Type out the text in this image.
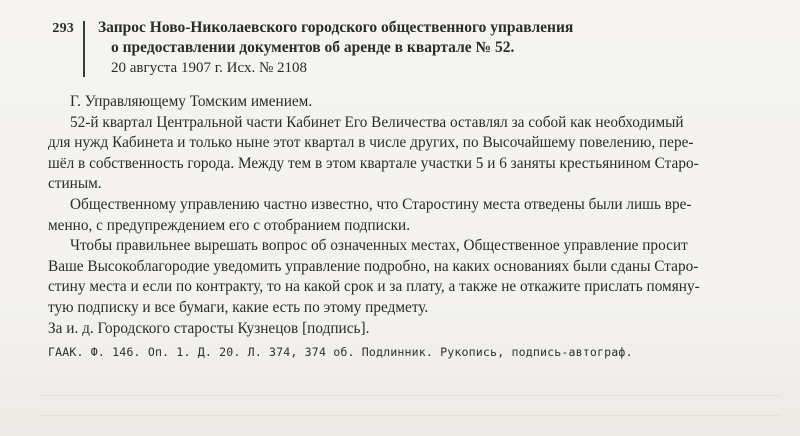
293 Запрос Ново-Николаевского городского общественного управления
о предоставлении документов об аренде в квартале № 52.
20 августа 1907 г. Исх. № 2108
Г. Управляющему Томским имением.
52-й квартал Центральной части Кабинет Его Величества оставлял за собой как необходимый
для нужд Кабинета и только ныне этот квартал в числе других, по Высочайшему повелению, пере-
шёл в собственность города. Между тем в этом квартале участки 5 и 6 заняты крестьянином Старо-
стиным.
Общественному управлению частно известно, что Старостину места отведены были лишь вре-
менно, с предупреждением его с отобранием подписки.
Чтобы правильнее вырешать вопрос об означенных местах, Общественное управление просит
Ваше Высокоблагородие уведомить управление подробно, на каких основаниях были сданы Старо-
стину места и если по контракту, то на какой срок и за плату, а также не откажите прислать помяну-
тую подписку и все бумаги, какие есть по этому предмету.
За и. д. Городского старосты Кузнецов [подпись].
ГААК. Ф. 146. Оп. 1. Д. 20. Л. 374, 374 об. Подлинник. Рукопись, подпись-автограф.
